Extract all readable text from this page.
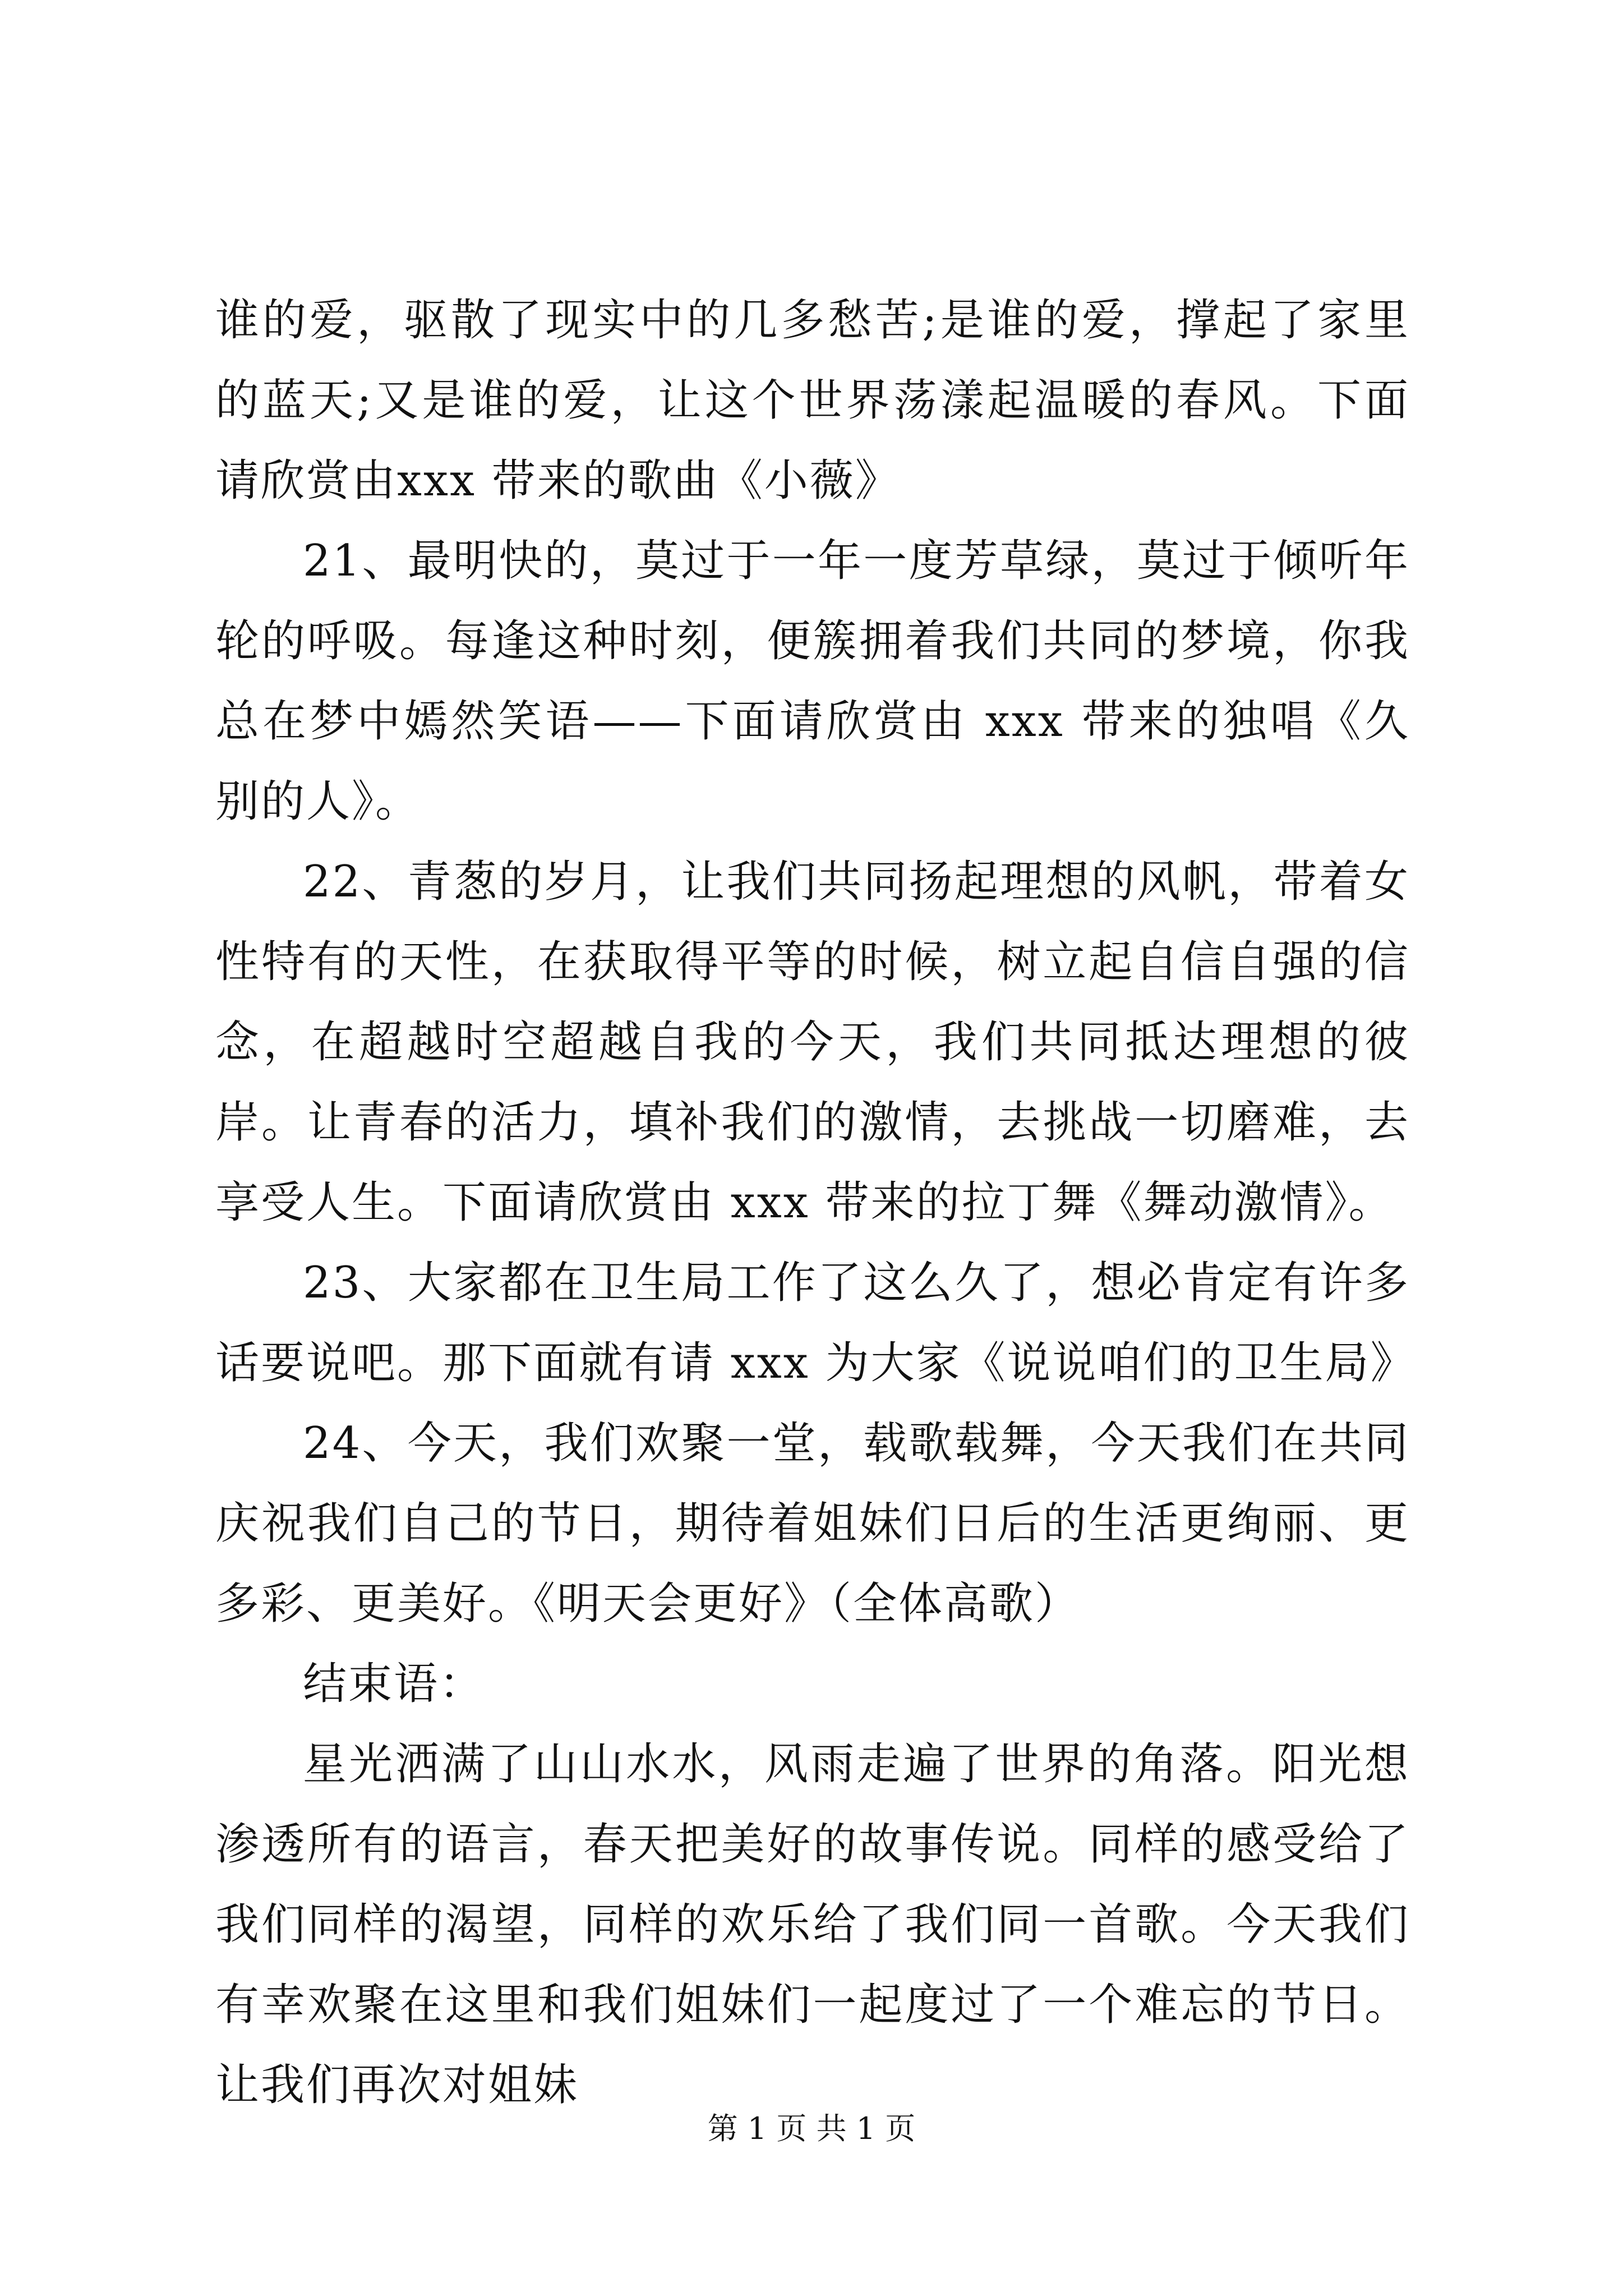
谁的爱，驱散了现实中的几多愁苦;是谁的爱，撑起了家里的蓝天;又是谁的爱，让这个世界荡漾起温暖的春风。下面请欣赏由xxx 带来的歌曲《小薇》

21、最明快的，莫过于一年一度芳草绿，莫过于倾听年轮的呼吸。每逢这种时刻，便簇拥着我们共同的梦境，你我总在梦中嫣然笑语——下面请欣赏由 xxx 带来的独唱《久别的人》。

22、青葱的岁月，让我们共同扬起理想的风帆，带着女性特有的天性，在获取得平等的时候，树立起自信自强的信念，在超越时空超越自我的今天，我们共同抵达理想的彼岸。让青春的活力，填补我们的激情，去挑战一切磨难，去享受人生。下面请欣赏由 xxx 带来的拉丁舞《舞动激情》。

23、大家都在卫生局工作了这么久了，想必肯定有许多话要说吧。那下面就有请 xxx 为大家《说说咱们的卫生局》

24、今天，我们欢聚一堂，载歌载舞，今天我们在共同庆祝我们自己的节日，期待着姐妹们日后的生活更绚丽、更多彩、更美好。《明天会更好》（全体高歌）

结束语：

星光洒满了山山水水，风雨走遍了世界的角落。阳光想渗透所有的语言，春天把美好的故事传说。同样的感受给了我们同样的渴望，同样的欢乐给了我们同一首歌。今天我们有幸欢聚在这里和我们姐妹们一起度过了一个难忘的节日。让我们再次对姐妹

第 1 页 共 1 页
